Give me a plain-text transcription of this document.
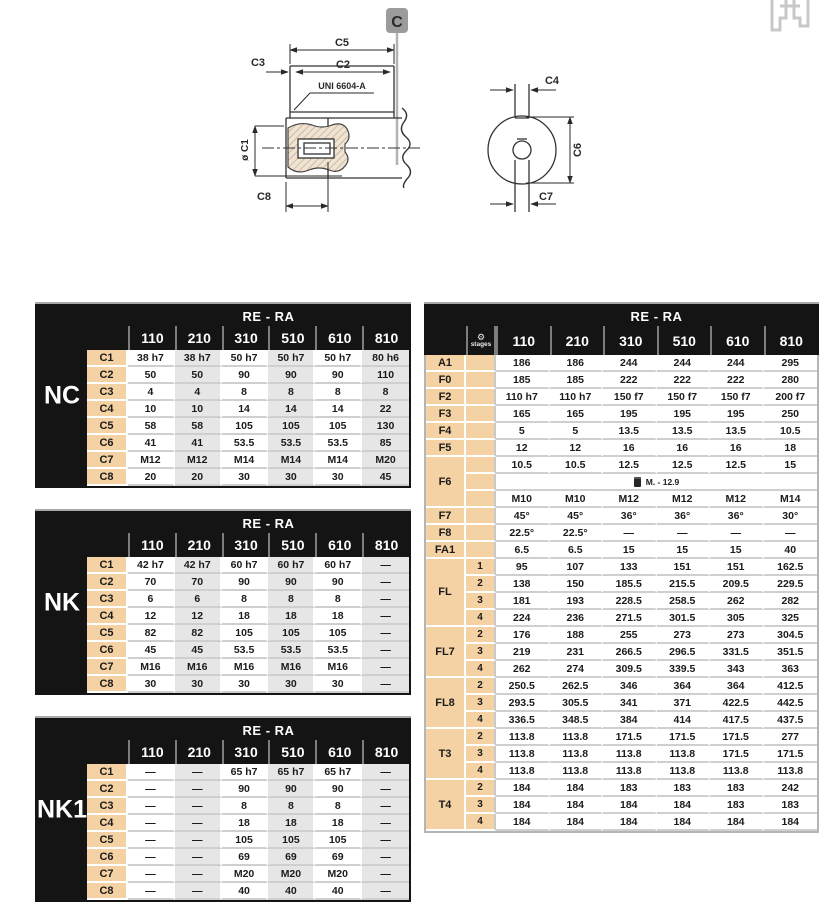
C
C5
C2
C3
UNI 6604-A
ø C1
C8
C4
C6
C7
NC
RE - RA
110	210	310	510	610	810
C1	38 h7	38 h7	50 h7	50 h7	50 h7	80 h6
C2	50	50	90	90	90	110
C3	4	4	8	8	8	8
C4	10	10	14	14	14	22
C5	58	58	105	105	105	130
C6	41	41	53.5	53.5	53.5	85
C7	M12	M12	M14	M14	M14	M20
C8	20	20	30	30	30	45
NK
RE - RA
110	210	310	510	610	810
C1	42 h7	42 h7	60 h7	60 h7	60 h7	—
C2	70	70	90	90	90	—
C3	6	6	8	8	8	—
C4	12	12	18	18	18	—
C5	82	82	105	105	105	—
C6	45	45	53.5	53.5	53.5	—
C7	M16	M16	M16	M16	M16	—
C8	30	30	30	30	30	—
NK1
RE - RA
110	210	310	510	610	810
C1	—	—	65 h7	65 h7	65 h7	—
C2	—	—	90	90	90	—
C3	—	—	8	8	8	—
C4	—	—	18	18	18	—
C5	—	—	105	105	105	—
C6	—	—	69	69	69	—
C7	—	—	M20	M20	M20	—
C8	—	—	40	40	40	—
RE - RA
⚙
stages	110	210	310	510	610	810
A1	186	186	244	244	244	295
F0	185	185	222	222	222	280
F2	110 h7	110 h7	150 f7	150 f7	150 f7	200 f7
F3	165	165	195	195	195	250
F4	5	5	13.5	13.5	13.5	10.5
F5	12	12	16	16	16	18
F6
10.5	10.5	12.5	12.5	12.5	15
M. - 12.9
M10	M10	M12	M12	M12	M14
F7	45°	45°	36°	36°	36°	30°
F8	22.5°	22.5°	—	—	—	—
FA1	6.5	6.5	15	15	15	40
FL
1	95	107	133	151	151	162.5
2	138	150	185.5	215.5	209.5	229.5
3	181	193	228.5	258.5	262	282
4	224	236	271.5	301.5	305	325
FL7
2	176	188	255	273	273	304.5
3	219	231	266.5	296.5	331.5	351.5
4	262	274	309.5	339.5	343	363
FL8
2	250.5	262.5	346	364	364	412.5
3	293.5	305.5	341	371	422.5	442.5
4	336.5	348.5	384	414	417.5	437.5
T3
2	113.8	113.8	171.5	171.5	171.5	277
3	113.8	113.8	113.8	113.8	171.5	171.5
4	113.8	113.8	113.8	113.8	113.8	113.8
T4
2	184	184	183	183	183	242
3	184	184	184	184	183	183
4	184	184	184	184	184	184
